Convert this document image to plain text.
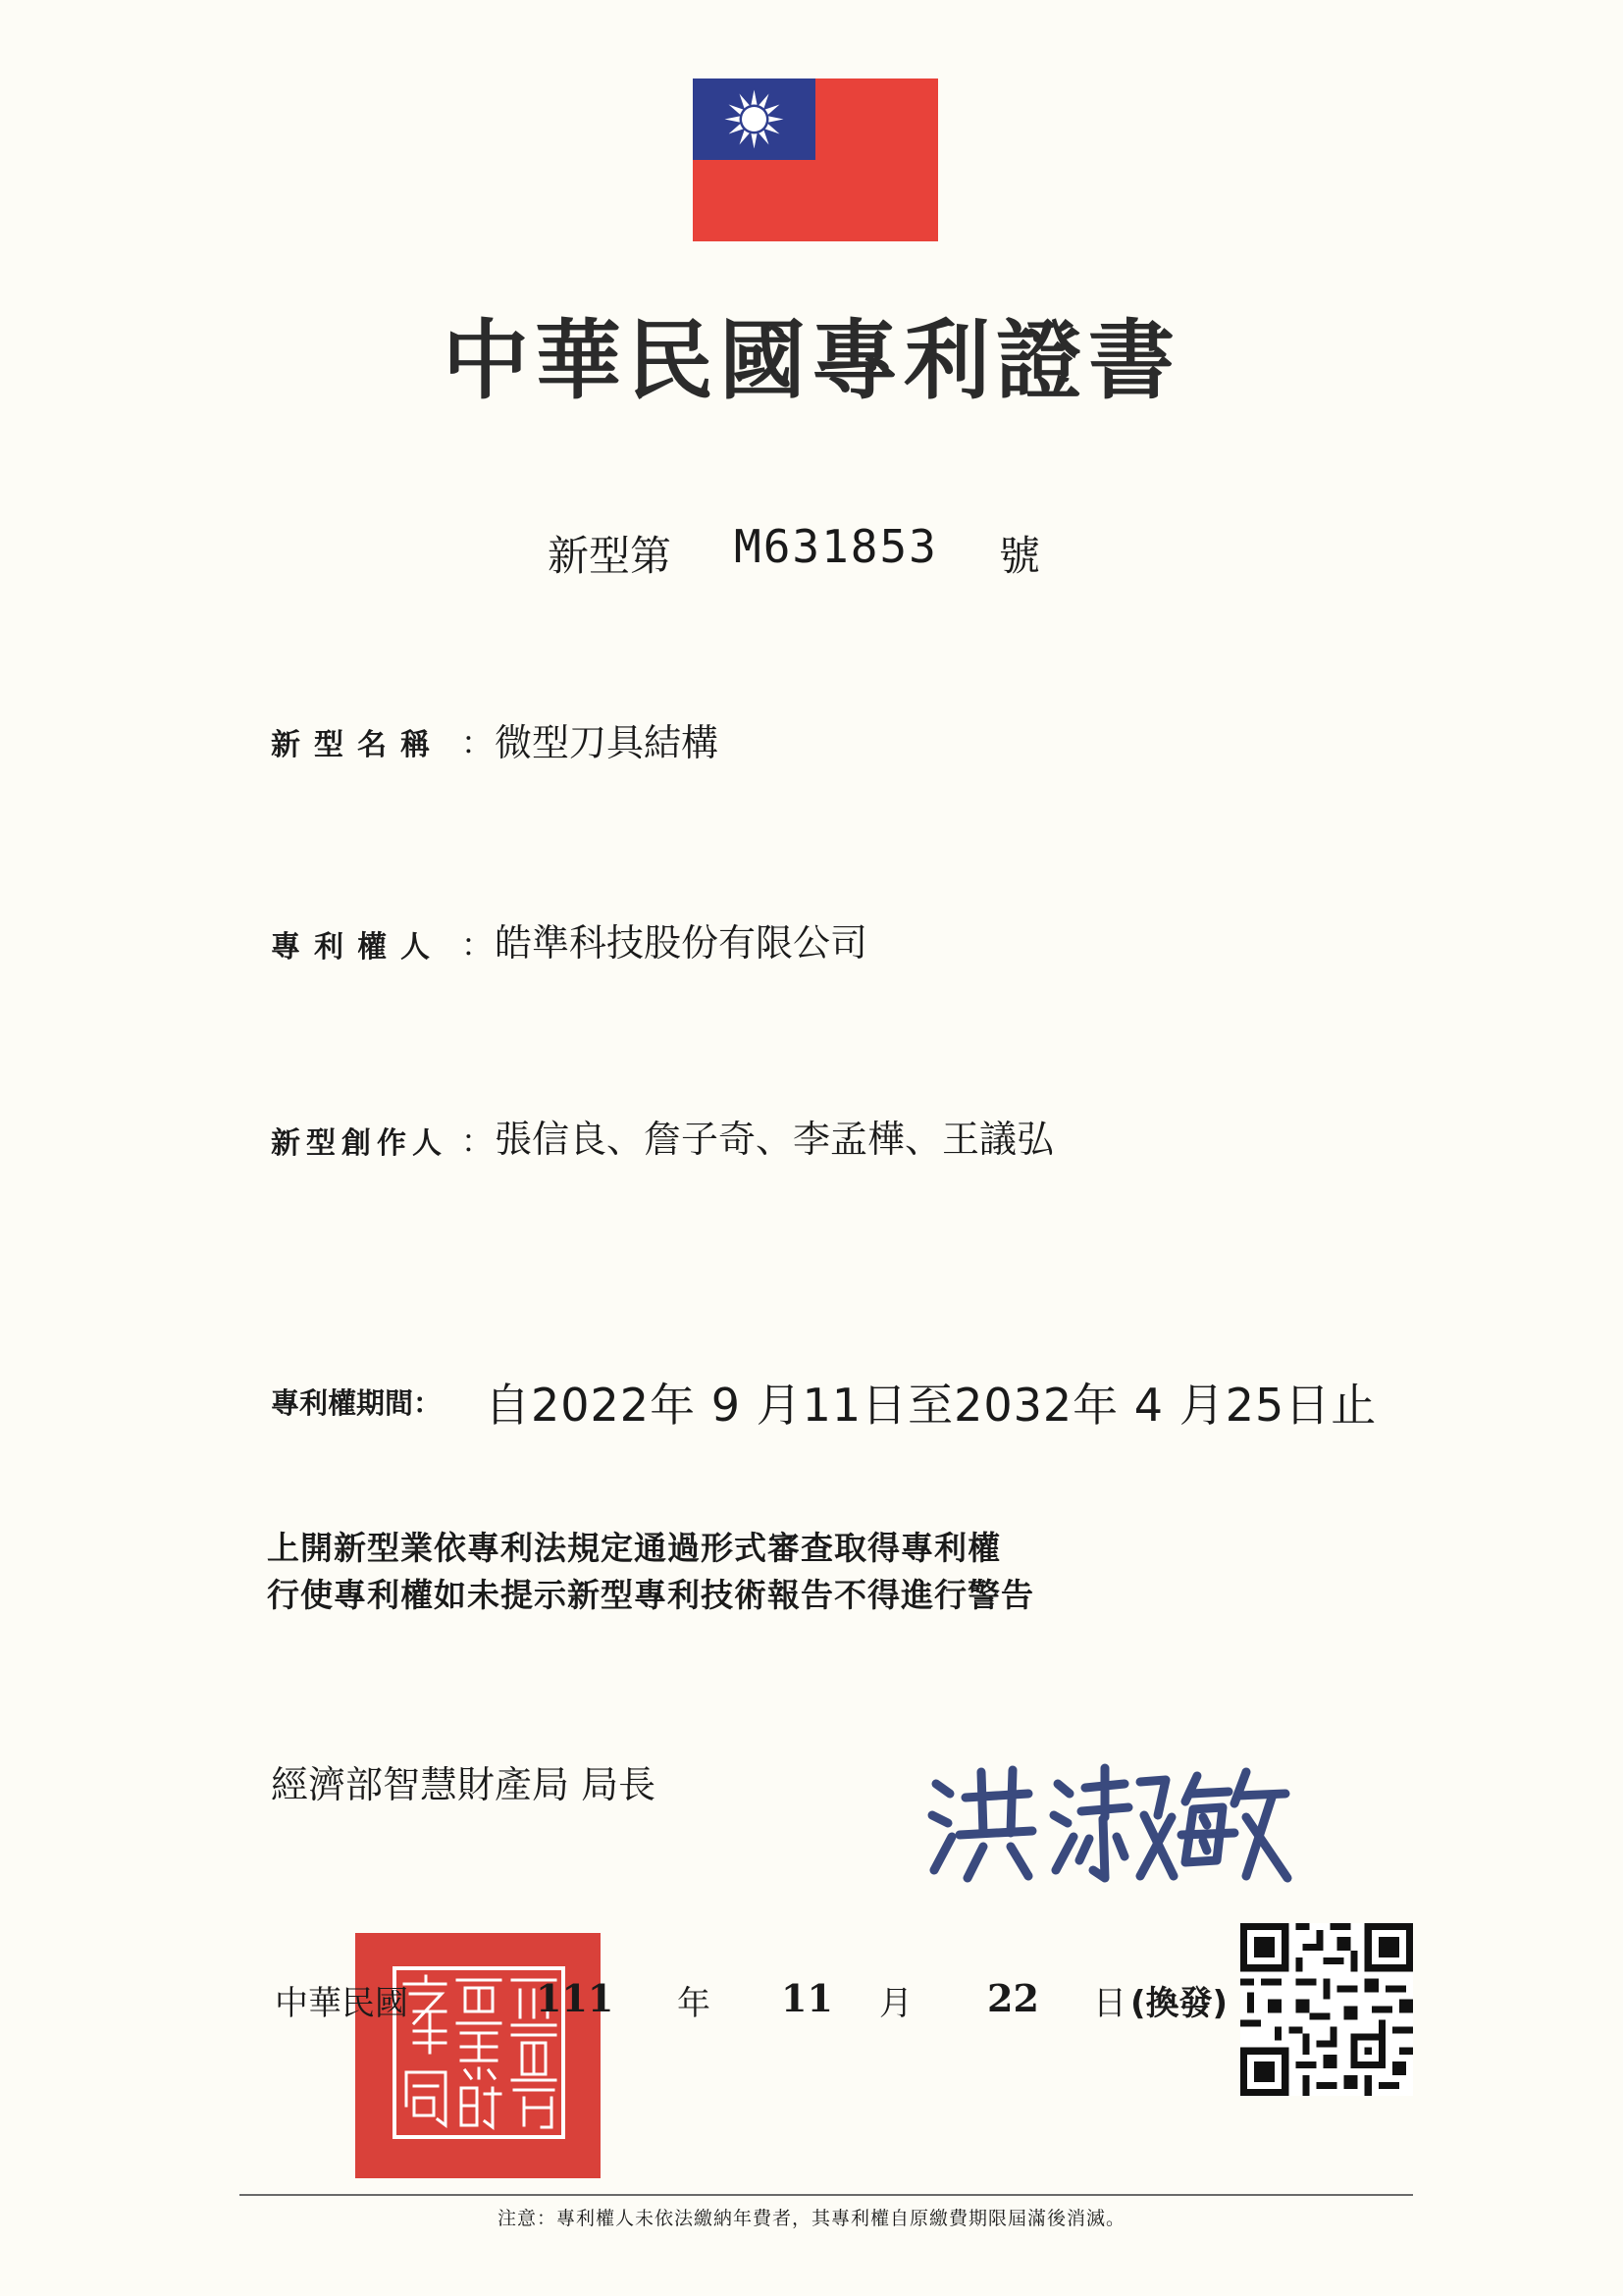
中華民國專利證書
新型第 M631853 號
新型名稱 ： 微型刀具結構
專利權人 ： 皓準科技股份有限公司
新型創作人 ： 張信良、詹子奇、李孟樺、王議弘
專利權期間： 自2022年 9 月11日至2032年 4 月25日止
上開新型業依專利法規定通過形式審查取得專利權
行使專利權如未提示新型專利技術報告不得進行警告
經濟部智慧財產局 局長
中華民國	111 年 11 月 22 日 (換發)
注意：專利權人未依法繳納年費者，其專利權自原繳費期限屆滿後消滅。
